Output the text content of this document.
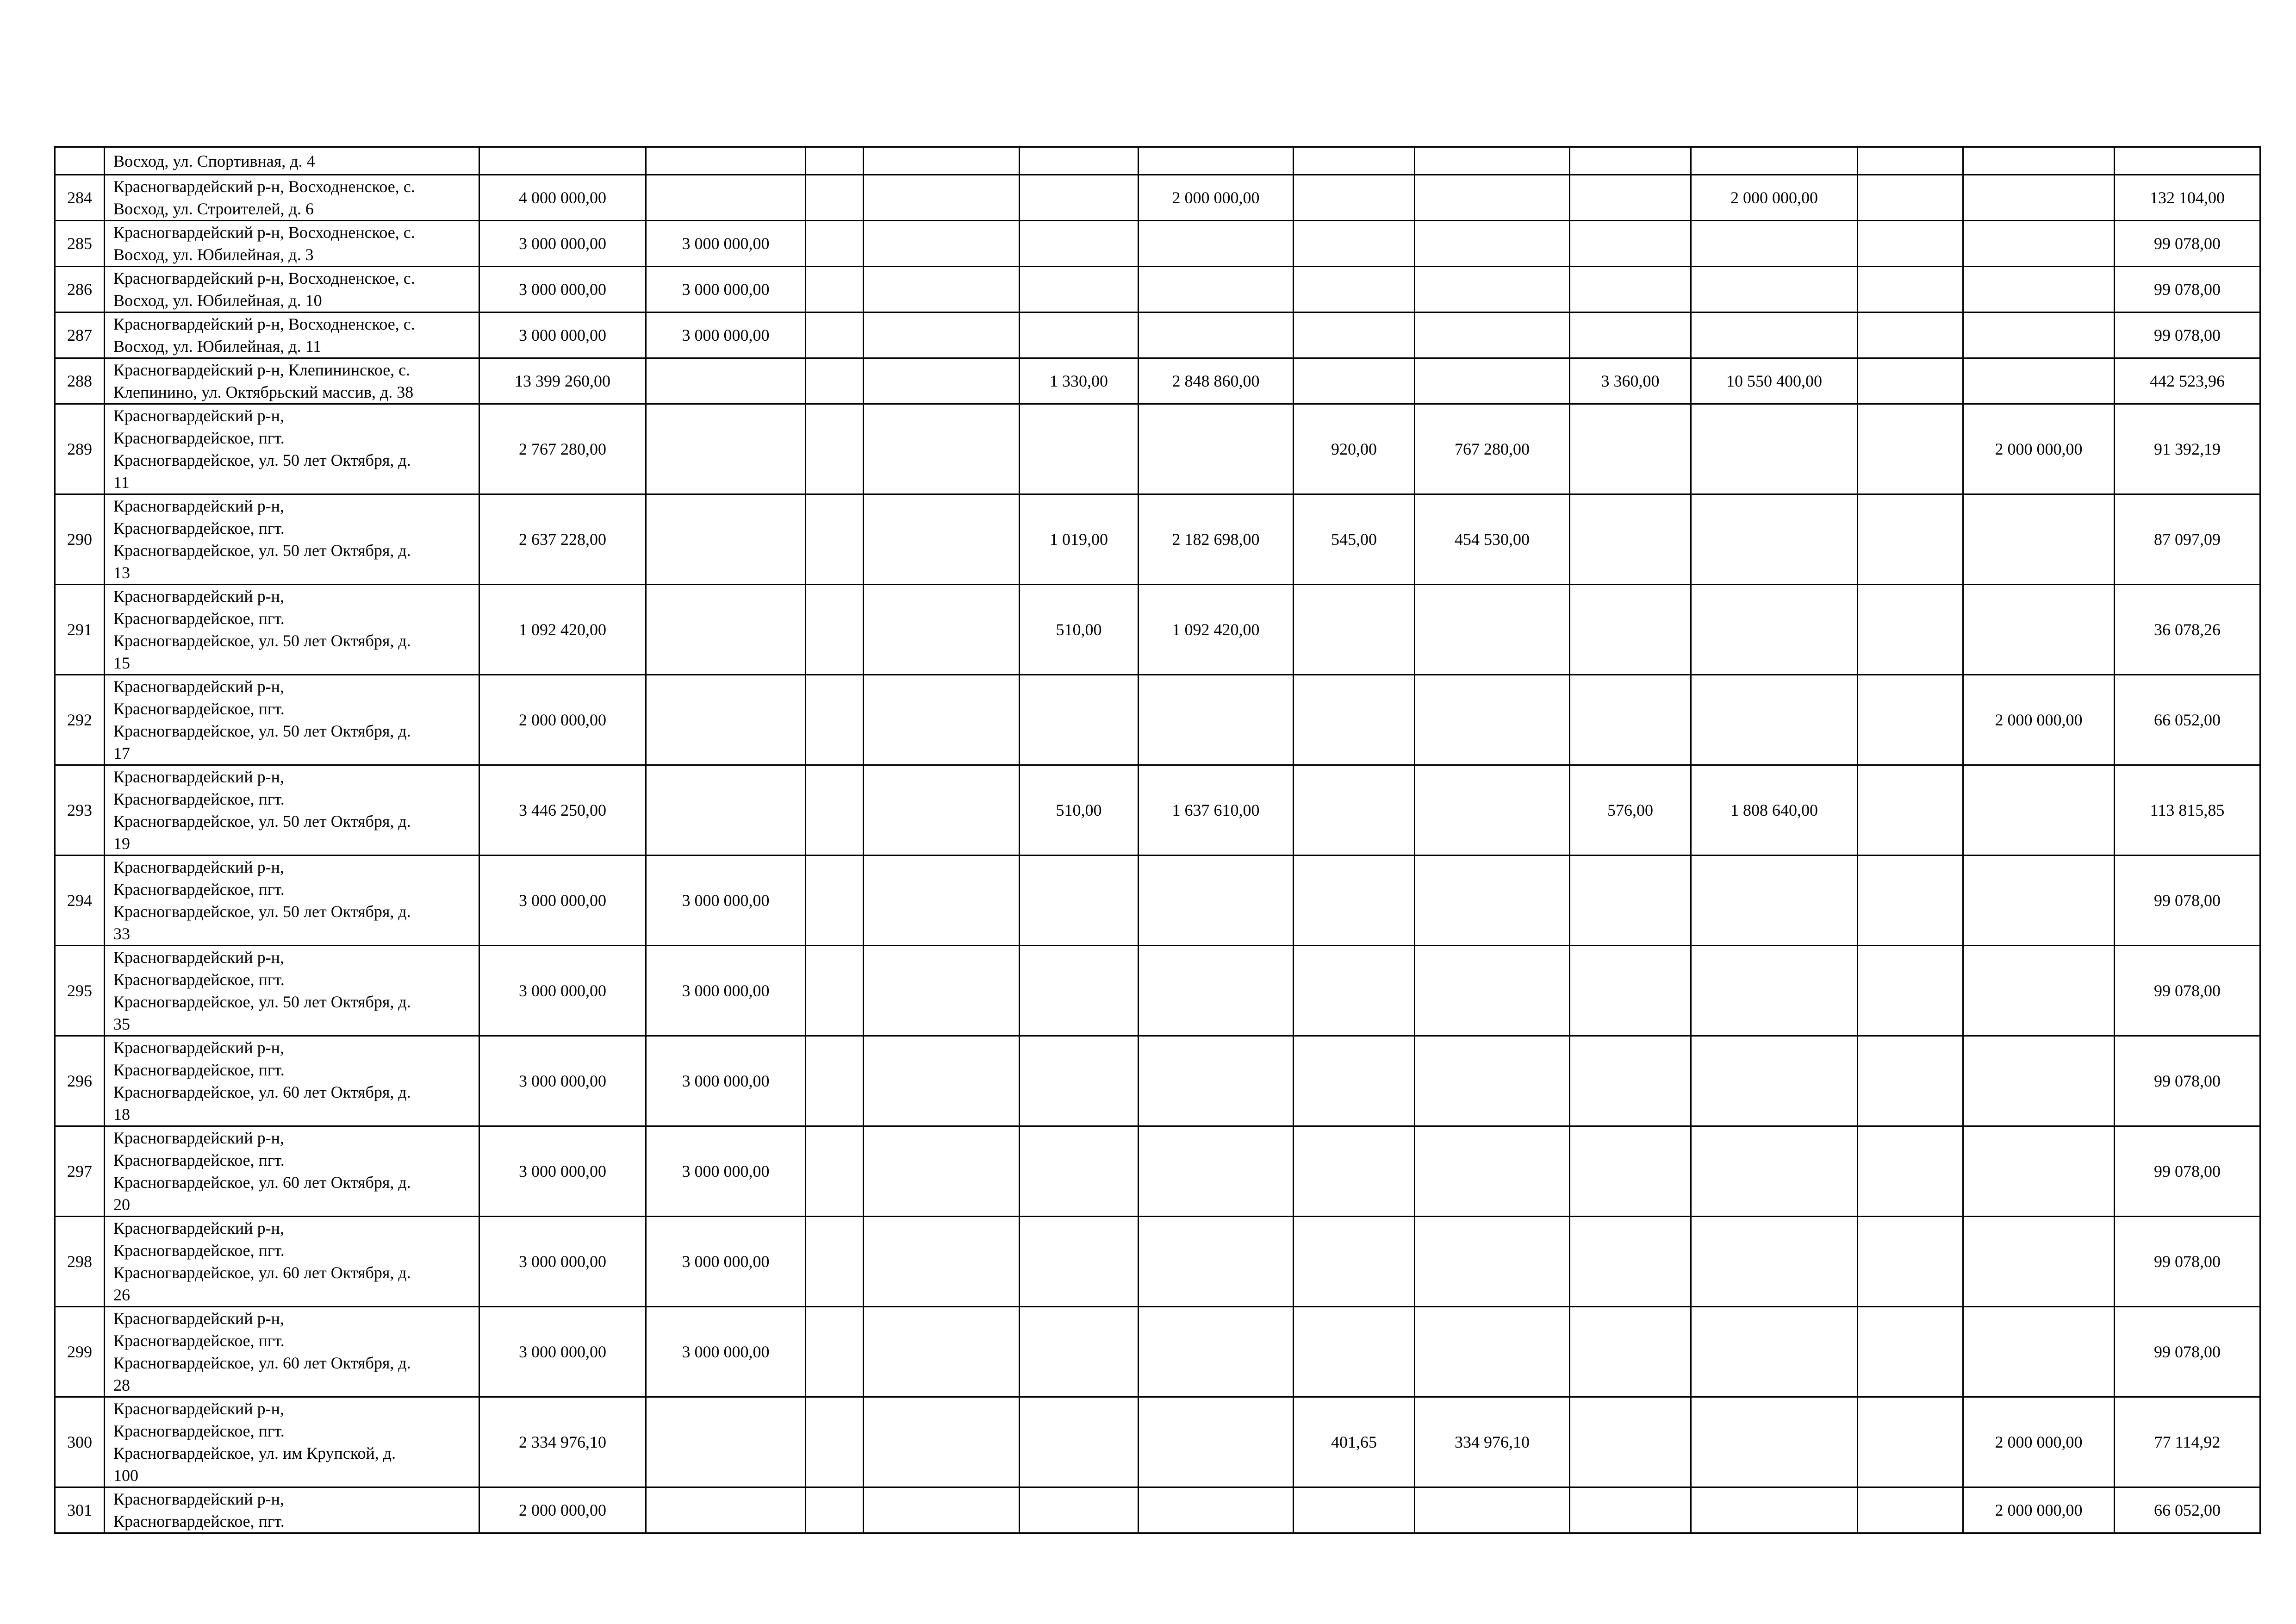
	Восход, ул. Спортивная, д. 4													

284	Красногвардейский р-н, Восходненское, с.
Восход, ул. Строителей, д. 6	4 000 000,00					2 000 000,00				2 000 000,00			132 104,00
285	Красногвардейский р-н, Восходненское, с.
Восход, ул. Юбилейная, д. 3	3 000 000,00	3 000 000,00											99 078,00
286	Красногвардейский р-н, Восходненское, с.
Восход, ул. Юбилейная, д. 10	3 000 000,00	3 000 000,00											99 078,00
287	Красногвардейский р-н, Восходненское, с.
Восход, ул. Юбилейная, д. 11	3 000 000,00	3 000 000,00											99 078,00
288	Красногвардейский р-н, Клепининское, с.
Клепинино, ул. Октябрьский массив, д. 38	13 399 260,00				1 330,00	2 848 860,00			3 360,00	10 550 400,00			442 523,96
289	Красногвардейский р-н,
Красногвардейское, пгт.
Красногвардейское, ул. 50 лет Октября, д.
11	2 767 280,00						920,00	767 280,00				2 000 000,00	91 392,19
290	Красногвардейский р-н,
Красногвардейское, пгт.
Красногвардейское, ул. 50 лет Октября, д.
13	2 637 228,00				1 019,00	2 182 698,00	545,00	454 530,00					87 097,09
291	Красногвардейский р-н,
Красногвардейское, пгт.
Красногвардейское, ул. 50 лет Октября, д.
15	1 092 420,00				510,00	1 092 420,00							36 078,26
292	Красногвардейский р-н,
Красногвардейское, пгт.
Красногвардейское, ул. 50 лет Октября, д.
17	2 000 000,00											2 000 000,00	66 052,00
293	Красногвардейский р-н,
Красногвардейское, пгт.
Красногвардейское, ул. 50 лет Октября, д.
19	3 446 250,00				510,00	1 637 610,00			576,00	1 808 640,00			113 815,85
294	Красногвардейский р-н,
Красногвардейское, пгт.
Красногвардейское, ул. 50 лет Октября, д.
33	3 000 000,00	3 000 000,00											99 078,00
295	Красногвардейский р-н,
Красногвардейское, пгт.
Красногвардейское, ул. 50 лет Октября, д.
35	3 000 000,00	3 000 000,00											99 078,00
296	Красногвардейский р-н,
Красногвардейское, пгт.
Красногвардейское, ул. 60 лет Октября, д.
18	3 000 000,00	3 000 000,00											99 078,00
297	Красногвардейский р-н,
Красногвардейское, пгт.
Красногвардейское, ул. 60 лет Октября, д.
20	3 000 000,00	3 000 000,00											99 078,00
298	Красногвардейский р-н,
Красногвардейское, пгт.
Красногвардейское, ул. 60 лет Октября, д.
26	3 000 000,00	3 000 000,00											99 078,00
299	Красногвардейский р-н,
Красногвардейское, пгт.
Красногвардейское, ул. 60 лет Октября, д.
28	3 000 000,00	3 000 000,00											99 078,00
300	Красногвардейский р-н,
Красногвардейское, пгт.
Красногвардейское, ул. им Крупской, д.
100	2 334 976,10						401,65	334 976,10				2 000 000,00	77 114,92
301	Красногвардейский р-н,
Красногвардейское, пгт.	2 000 000,00											2 000 000,00	66 052,00
